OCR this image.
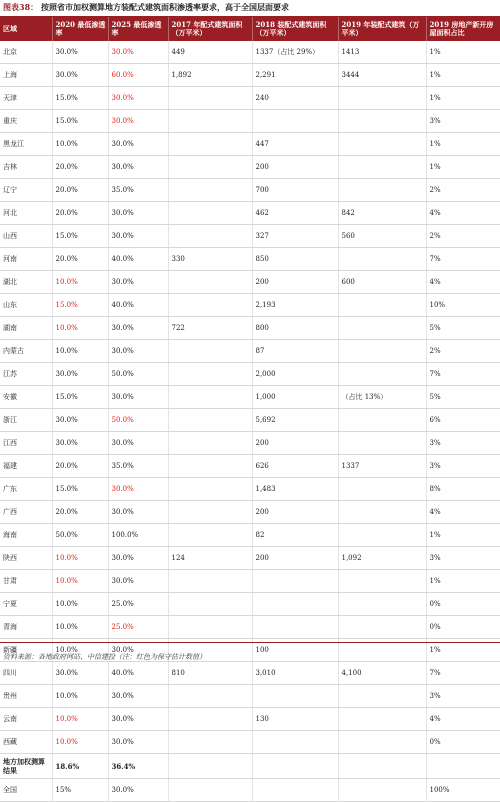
图表38： 按照省市加权测算地方装配式建筑面积渗透率要求，高于全国层面要求
区域	2020 最低渗透率	2025 最低渗透率	2017 年配式建筑面积（万平米）	2018 装配式建筑面积（万平米）	2019 年装配式建筑（万平米）	2019 房地产新开房屋面积占比
北京	30.0%	30.0%	449	1337（占比 29%）	1413	1%
上海	30.0%	60.0%	1,892	2,291	3444	1%
天津	15.0%	30.0%		240		1%
重庆	15.0%	30.0%				3%
黑龙江	10.0%	30.0%		447		1%
吉林	20.0%	30.0%		200		1%
辽宁	20.0%	35.0%		700		2%
河北	20.0%	30.0%		462	842	4%
山西	15.0%	30.0%		327	560	2%
河南	20.0%	40.0%	330	850		7%
湖北	10.0%	30.0%		200	600	4%
山东	15.0%	40.0%		2,193		10%
湖南	10.0%	30.0%	722	800		5%
内蒙古	10.0%	30.0%		87		2%
江苏	30.0%	50.0%		2,000		7%
安徽	15.0%	30.0%		1,000	（占比 13%）	5%
浙江	30.0%	50.0%		5,692		6%
江西	30.0%	30.0%		200		3%
福建	20.0%	35.0%		626	1337	3%
广东	15.0%	30.0%		1,483		8%
广西	20.0%	30.0%		200		4%
海南	50.0%	100.0%		82		1%
陕西	10.0%	30.0%	124	200	1,092	3%
甘肃	10.0%	30.0%				1%
宁夏	10.0%	25.0%				0%
青海	10.0%	25.0%				0%
新疆	10.0%	30.0%		100		1%
四川	30.0%	40.0%	810	3,010	4,100	7%
贵州	10.0%	30.0%				3%
云南	10.0%	30.0%		130		4%
西藏	10.0%	30.0%				0%
地方加权测算结果	18.6%	36.4%				
全国	15%	30.0%				100%
资料来源：各地政府网站、中信建投（注：红色为保守估计数值）
